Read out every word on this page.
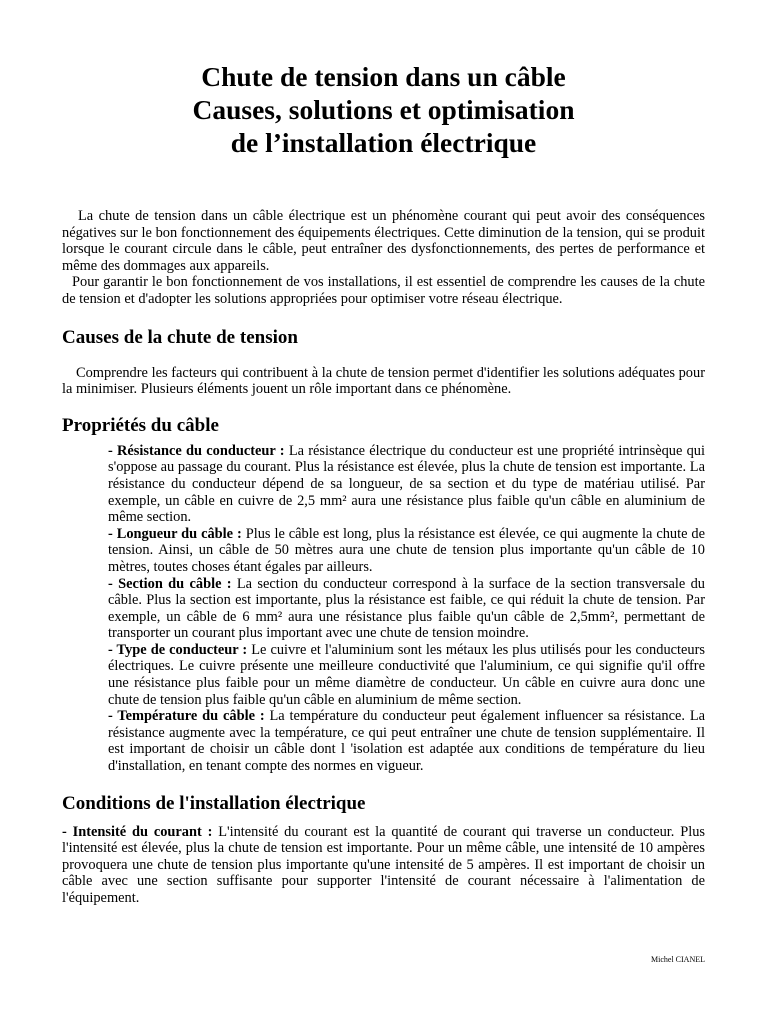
Chute de tension dans un câble
Causes, solutions et optimisation
de l’installation électrique

La chute de tension dans un câble électrique est un phénomène courant qui peut avoir des conséquences négatives sur le bon fonctionnement des équipements électriques. Cette diminution de la tension, qui se produit lorsque le courant circule dans le câble, peut entraîner des dysfonctionnements, des pertes de performance et même des dommages aux appareils.

Pour garantir le bon fonctionnement de vos installations, il est essentiel de comprendre les causes de la chute de tension et d'adopter les solutions appropriées pour optimiser votre réseau électrique.

Causes de la chute de tension

Comprendre les facteurs qui contribuent à la chute de tension permet d'identifier les solutions adéquates pour la minimiser. Plusieurs éléments jouent un rôle important dans ce phénomène.

Propriétés du câble

- Résistance du conducteur : La résistance électrique du conducteur est une propriété intrinsèque qui s'oppose au passage du courant. Plus la résistance est élevée, plus la chute de tension est importante. La résistance du conducteur dépend de sa longueur, de sa section et du type de matériau utilisé. Par exemple, un câble en cuivre de 2,5 mm² aura une résistance plus faible qu'un câble en aluminium de même section.

- Longueur du câble : Plus le câble est long, plus la résistance est élevée, ce qui augmente la chute de tension. Ainsi, un câble de 50 mètres aura une chute de tension plus importante qu'un câble de 10 mètres, toutes choses étant égales par ailleurs.

- Section du câble : La section du conducteur correspond à la surface de la section transversale du câble. Plus la section est importante, plus la résistance est faible, ce qui réduit la chute de tension. Par exemple, un câble de 6 mm² aura une résistance plus faible qu'un câble de 2,5mm², permettant de transporter un courant plus important avec une chute de tension moindre.

- Type de conducteur : Le cuivre et l'aluminium sont les métaux les plus utilisés pour les conducteurs électriques. Le cuivre présente une meilleure conductivité que l'aluminium, ce qui signifie qu'il offre une résistance plus faible pour un même diamètre de conducteur. Un câble en cuivre aura donc une chute de tension plus faible qu'un câble en aluminium de même section.

- Température du câble : La température du conducteur peut également influencer sa résistance. La résistance augmente avec la température, ce qui peut entraîner une chute de tension supplémentaire. Il est important de choisir un câble dont l 'isolation est adaptée aux conditions de température du lieu d'installation, en tenant compte des normes en vigueur.

Conditions de l'installation électrique

- Intensité du courant : L'intensité du courant est la quantité de courant qui traverse un conducteur. Plus l'intensité est élevée, plus la chute de tension est importante. Pour un même câble, une intensité de 10 ampères provoquera une chute de tension plus importante qu'une intensité de 5 ampères. Il est important de choisir un câble avec une section suffisante pour supporter l'intensité de courant nécessaire à l'alimentation de l'équipement.

Michel CIANEL
